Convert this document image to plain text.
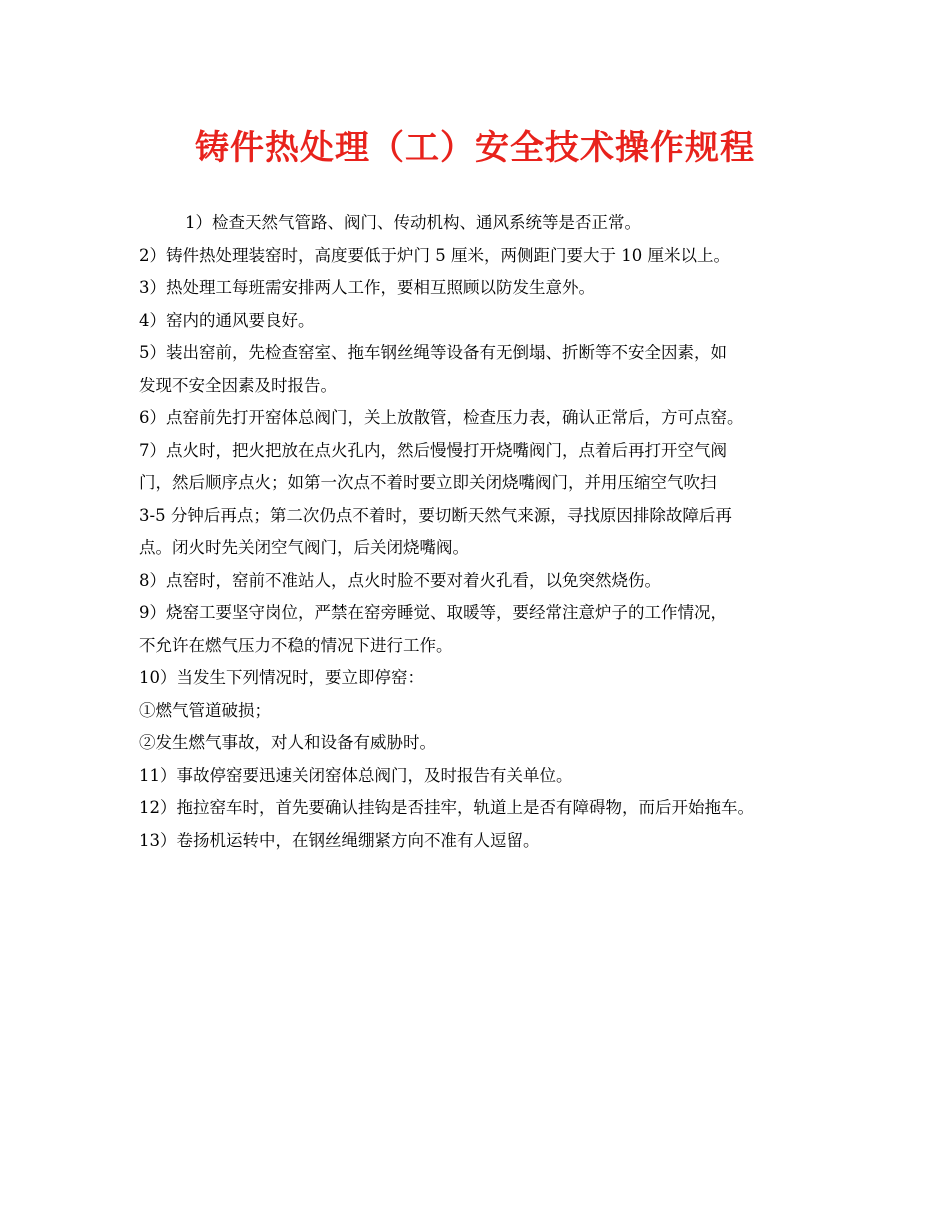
铸件热处理（工）安全技术操作规程

1）检查天然气管路、阀门、传动机构、通风系统等是否正常。

2）铸件热处理装窑时，高度要低于炉门 5 厘米，两侧距门要大于 10 厘米以上。

3）热处理工每班需安排两人工作，要相互照顾以防发生意外。

4）窑内的通风要良好。

5）装出窑前，先检查窑室、拖车钢丝绳等设备有无倒塌、折断等不安全因素，如

发现不安全因素及时报告。

6）点窑前先打开窑体总阀门，关上放散管，检查压力表，确认正常后，方可点窑。

7）点火时，把火把放在点火孔内，然后慢慢打开烧嘴阀门，点着后再打开空气阀

门，然后顺序点火；如第一次点不着时要立即关闭烧嘴阀门，并用压缩空气吹扫

3-5 分钟后再点；第二次仍点不着时，要切断天然气来源，寻找原因排除故障后再

点。闭火时先关闭空气阀门，后关闭烧嘴阀。

8）点窑时，窑前不准站人，点火时脸不要对着火孔看，以免突然烧伤。

9）烧窑工要坚守岗位，严禁在窑旁睡觉、取暖等，要经常注意炉子的工作情况，

不允许在燃气压力不稳的情况下进行工作。

10）当发生下列情况时，要立即停窑：

①燃气管道破损；

②发生燃气事故，对人和设备有威胁时。

11）事故停窑要迅速关闭窑体总阀门，及时报告有关单位。

12）拖拉窑车时，首先要确认挂钩是否挂牢，轨道上是否有障碍物，而后开始拖车。

13）卷扬机运转中，在钢丝绳绷紧方向不准有人逗留。
